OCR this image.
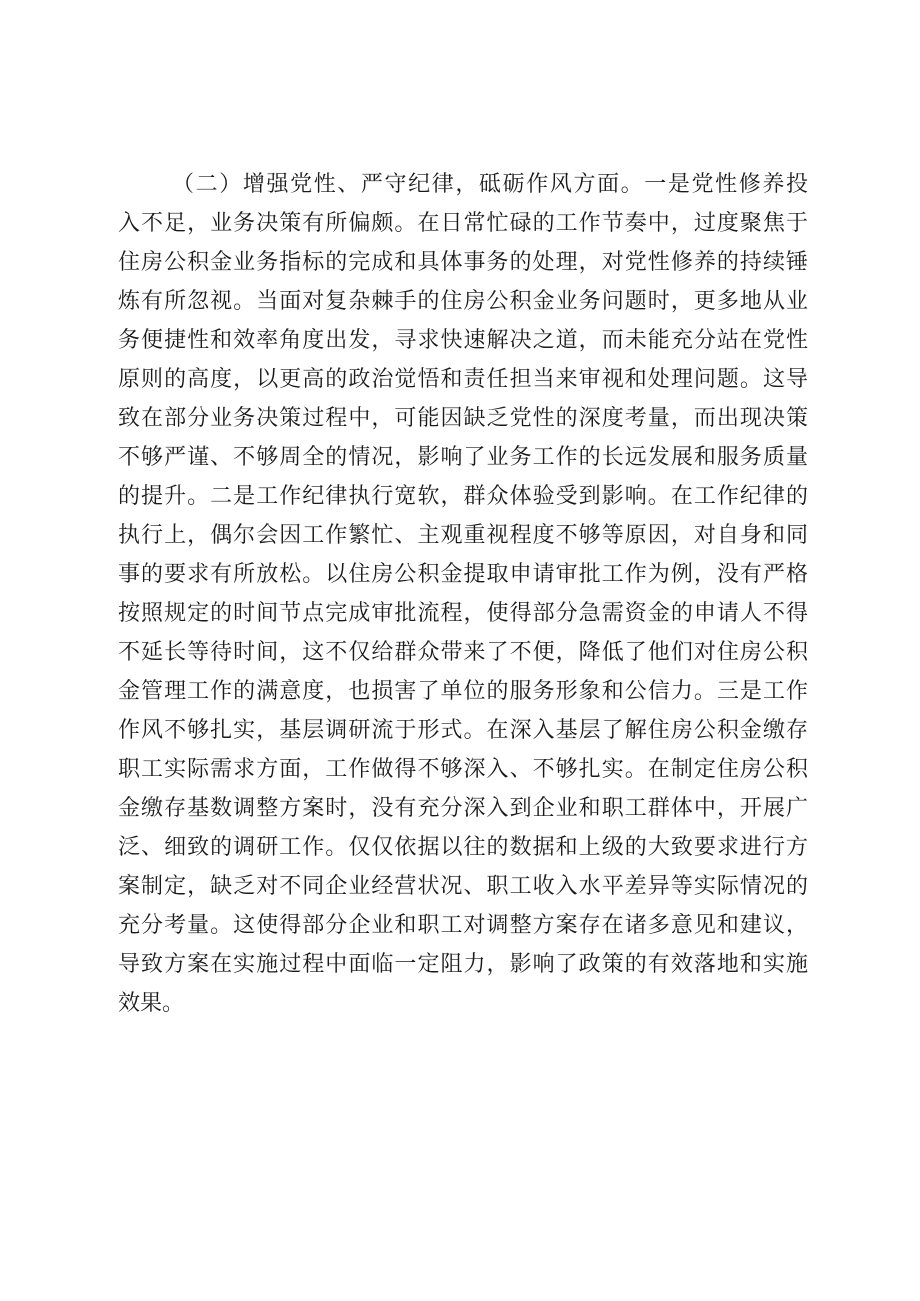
（二）增强党性、严守纪律，砥砺作风方面。一是党性修养投
入不足，业务决策有所偏颇。在日常忙碌的工作节奏中，过度聚焦于
住房公积金业务指标的完成和具体事务的处理，对党性修养的持续锤
炼有所忽视。当面对复杂棘手的住房公积金业务问题时，更多地从业
务便捷性和效率角度出发，寻求快速解决之道，而未能充分站在党性
原则的高度，以更高的政治觉悟和责任担当来审视和处理问题。这导
致在部分业务决策过程中，可能因缺乏党性的深度考量，而出现决策
不够严谨、不够周全的情况，影响了业务工作的长远发展和服务质量
的提升。二是工作纪律执行宽软，群众体验受到影响。在工作纪律的
执行上，偶尔会因工作繁忙、主观重视程度不够等原因，对自身和同
事的要求有所放松。以住房公积金提取申请审批工作为例，没有严格
按照规定的时间节点完成审批流程，使得部分急需资金的申请人不得
不延长等待时间，这不仅给群众带来了不便，降低了他们对住房公积
金管理工作的满意度，也损害了单位的服务形象和公信力。三是工作
作风不够扎实，基层调研流于形式。在深入基层了解住房公积金缴存
职工实际需求方面，工作做得不够深入、不够扎实。在制定住房公积
金缴存基数调整方案时，没有充分深入到企业和职工群体中，开展广
泛、细致的调研工作。仅仅依据以往的数据和上级的大致要求进行方
案制定，缺乏对不同企业经营状况、职工收入水平差异等实际情况的
充分考量。这使得部分企业和职工对调整方案存在诸多意见和建议，
导致方案在实施过程中面临一定阻力，影响了政策的有效落地和实施
效果。
